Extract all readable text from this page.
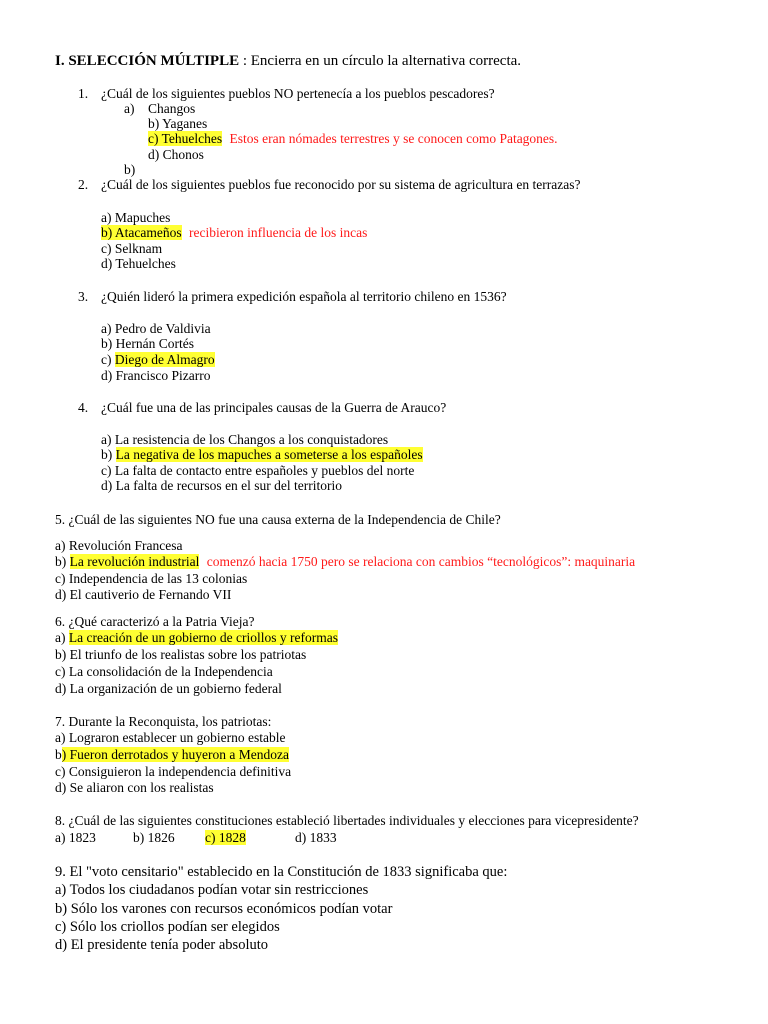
I. SELECCIÓN MÚLTIPLE : Encierra en un círculo la alternativa correcta.
1. ¿Cuál de los siguientes pueblos NO pertenecía a los pueblos pescadores?
a) Changos
b) Yaganes
c) Tehuelches Estos eran nómades terrestres y se conocen como Patagones.
d) Chonos
b)
2. ¿Cuál de los siguientes pueblos fue reconocido por su sistema de agricultura en terrazas?
a) Mapuches
b) Atacameños recibieron influencia de los incas
c) Selknam
d) Tehuelches
3. ¿Quién lideró la primera expedición española al territorio chileno en 1536?
a) Pedro de Valdivia
b) Hernán Cortés
c) Diego de Almagro
d) Francisco Pizarro
4. ¿Cuál fue una de las principales causas de la Guerra de Arauco?
a) La resistencia de los Changos a los conquistadores
b) La negativa de los mapuches a someterse a los españoles
c) La falta de contacto entre españoles y pueblos del norte
d) La falta de recursos en el sur del territorio
5. ¿Cuál de las siguientes NO fue una causa externa de la Independencia de Chile?
a) Revolución Francesa
b) La revolución industrial comenzó hacia 1750 pero se relaciona con cambios “tecnológicos”: maquinaria
c) Independencia de las 13 colonias
d) El cautiverio de Fernando VII
6. ¿Qué caracterizó a la Patria Vieja?
a) La creación de un gobierno de criollos y reformas
b) El triunfo de los realistas sobre los patriotas
c) La consolidación de la Independencia
d) La organización de un gobierno federal
7. Durante la Reconquista, los patriotas:
a) Lograron establecer un gobierno estable
b) Fueron derrotados y huyeron a Mendoza
c) Consiguieron la independencia definitiva
d) Se aliaron con los realistas
8. ¿Cuál de las siguientes constituciones estableció libertades individuales y elecciones para vicepresidente?
a) 1823	b) 1826 c) 1828	d) 1833
9. El "voto censitario" establecido en la Constitución de 1833 significaba que:
a) Todos los ciudadanos podían votar sin restricciones
b) Sólo los varones con recursos económicos podían votar
c) Sólo los criollos podían ser elegidos
d) El presidente tenía poder absoluto
